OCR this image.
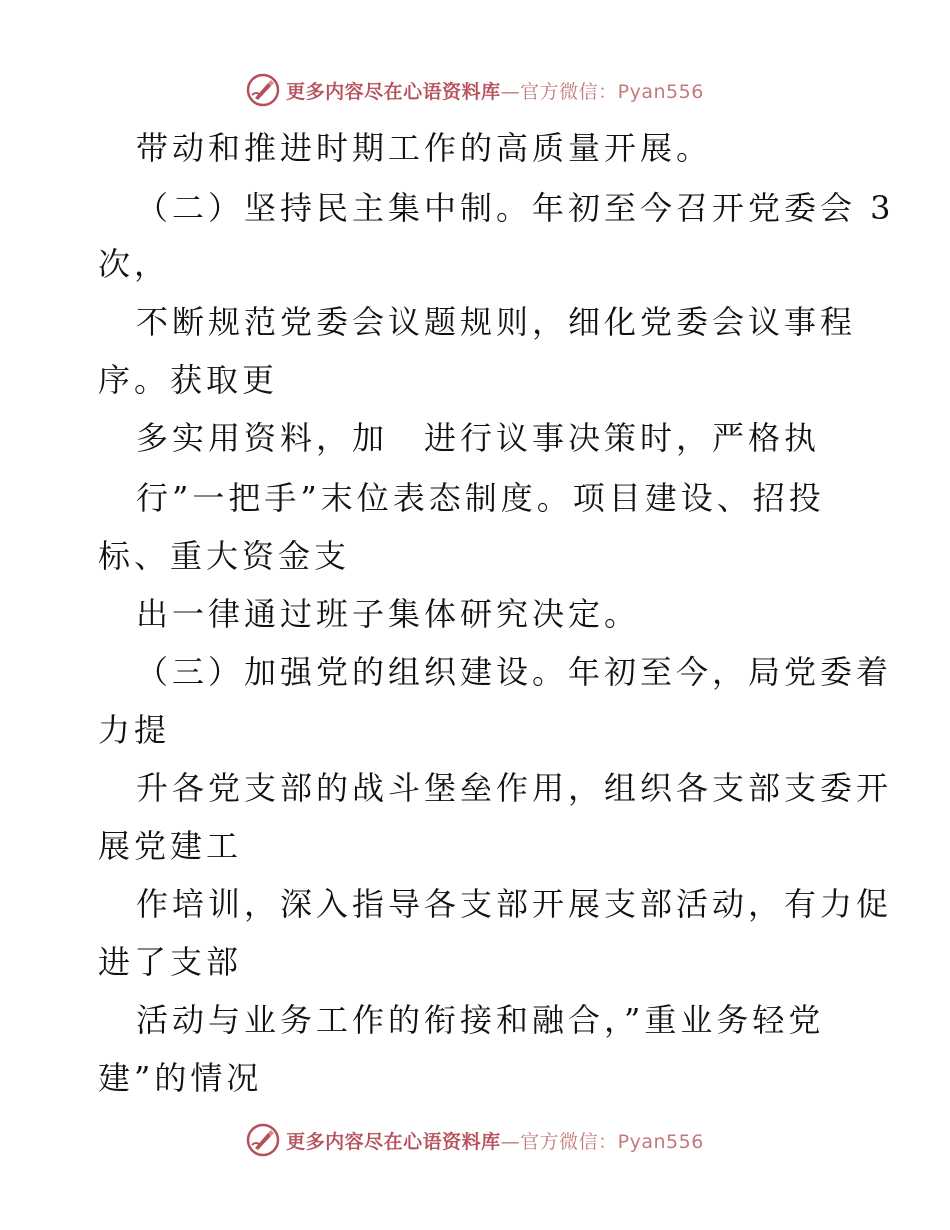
更多内容尽在心语资料库—官方微信：Pyan556
带动和推进时期工作的高质量开展。
（二）坚持民主集中制。年初至今召开党委会 3
次，
不断规范党委会议题规则，细化党委会议事程
序。获取更
多实用资料，加　进行议事决策时，严格执
行”一把手”末位表态制度。项目建设、招投
标、重大资金支
出一律通过班子集体研究决定。
（三）加强党的组织建设。年初至今，局党委着
力提
升各党支部的战斗堡垒作用，组织各支部支委开
展党建工
作培训，深入指导各支部开展支部活动，有力促
进了支部
活动与业务工作的衔接和融合，”重业务轻党
建”的情况
更多内容尽在心语资料库—官方微信：Pyan556
